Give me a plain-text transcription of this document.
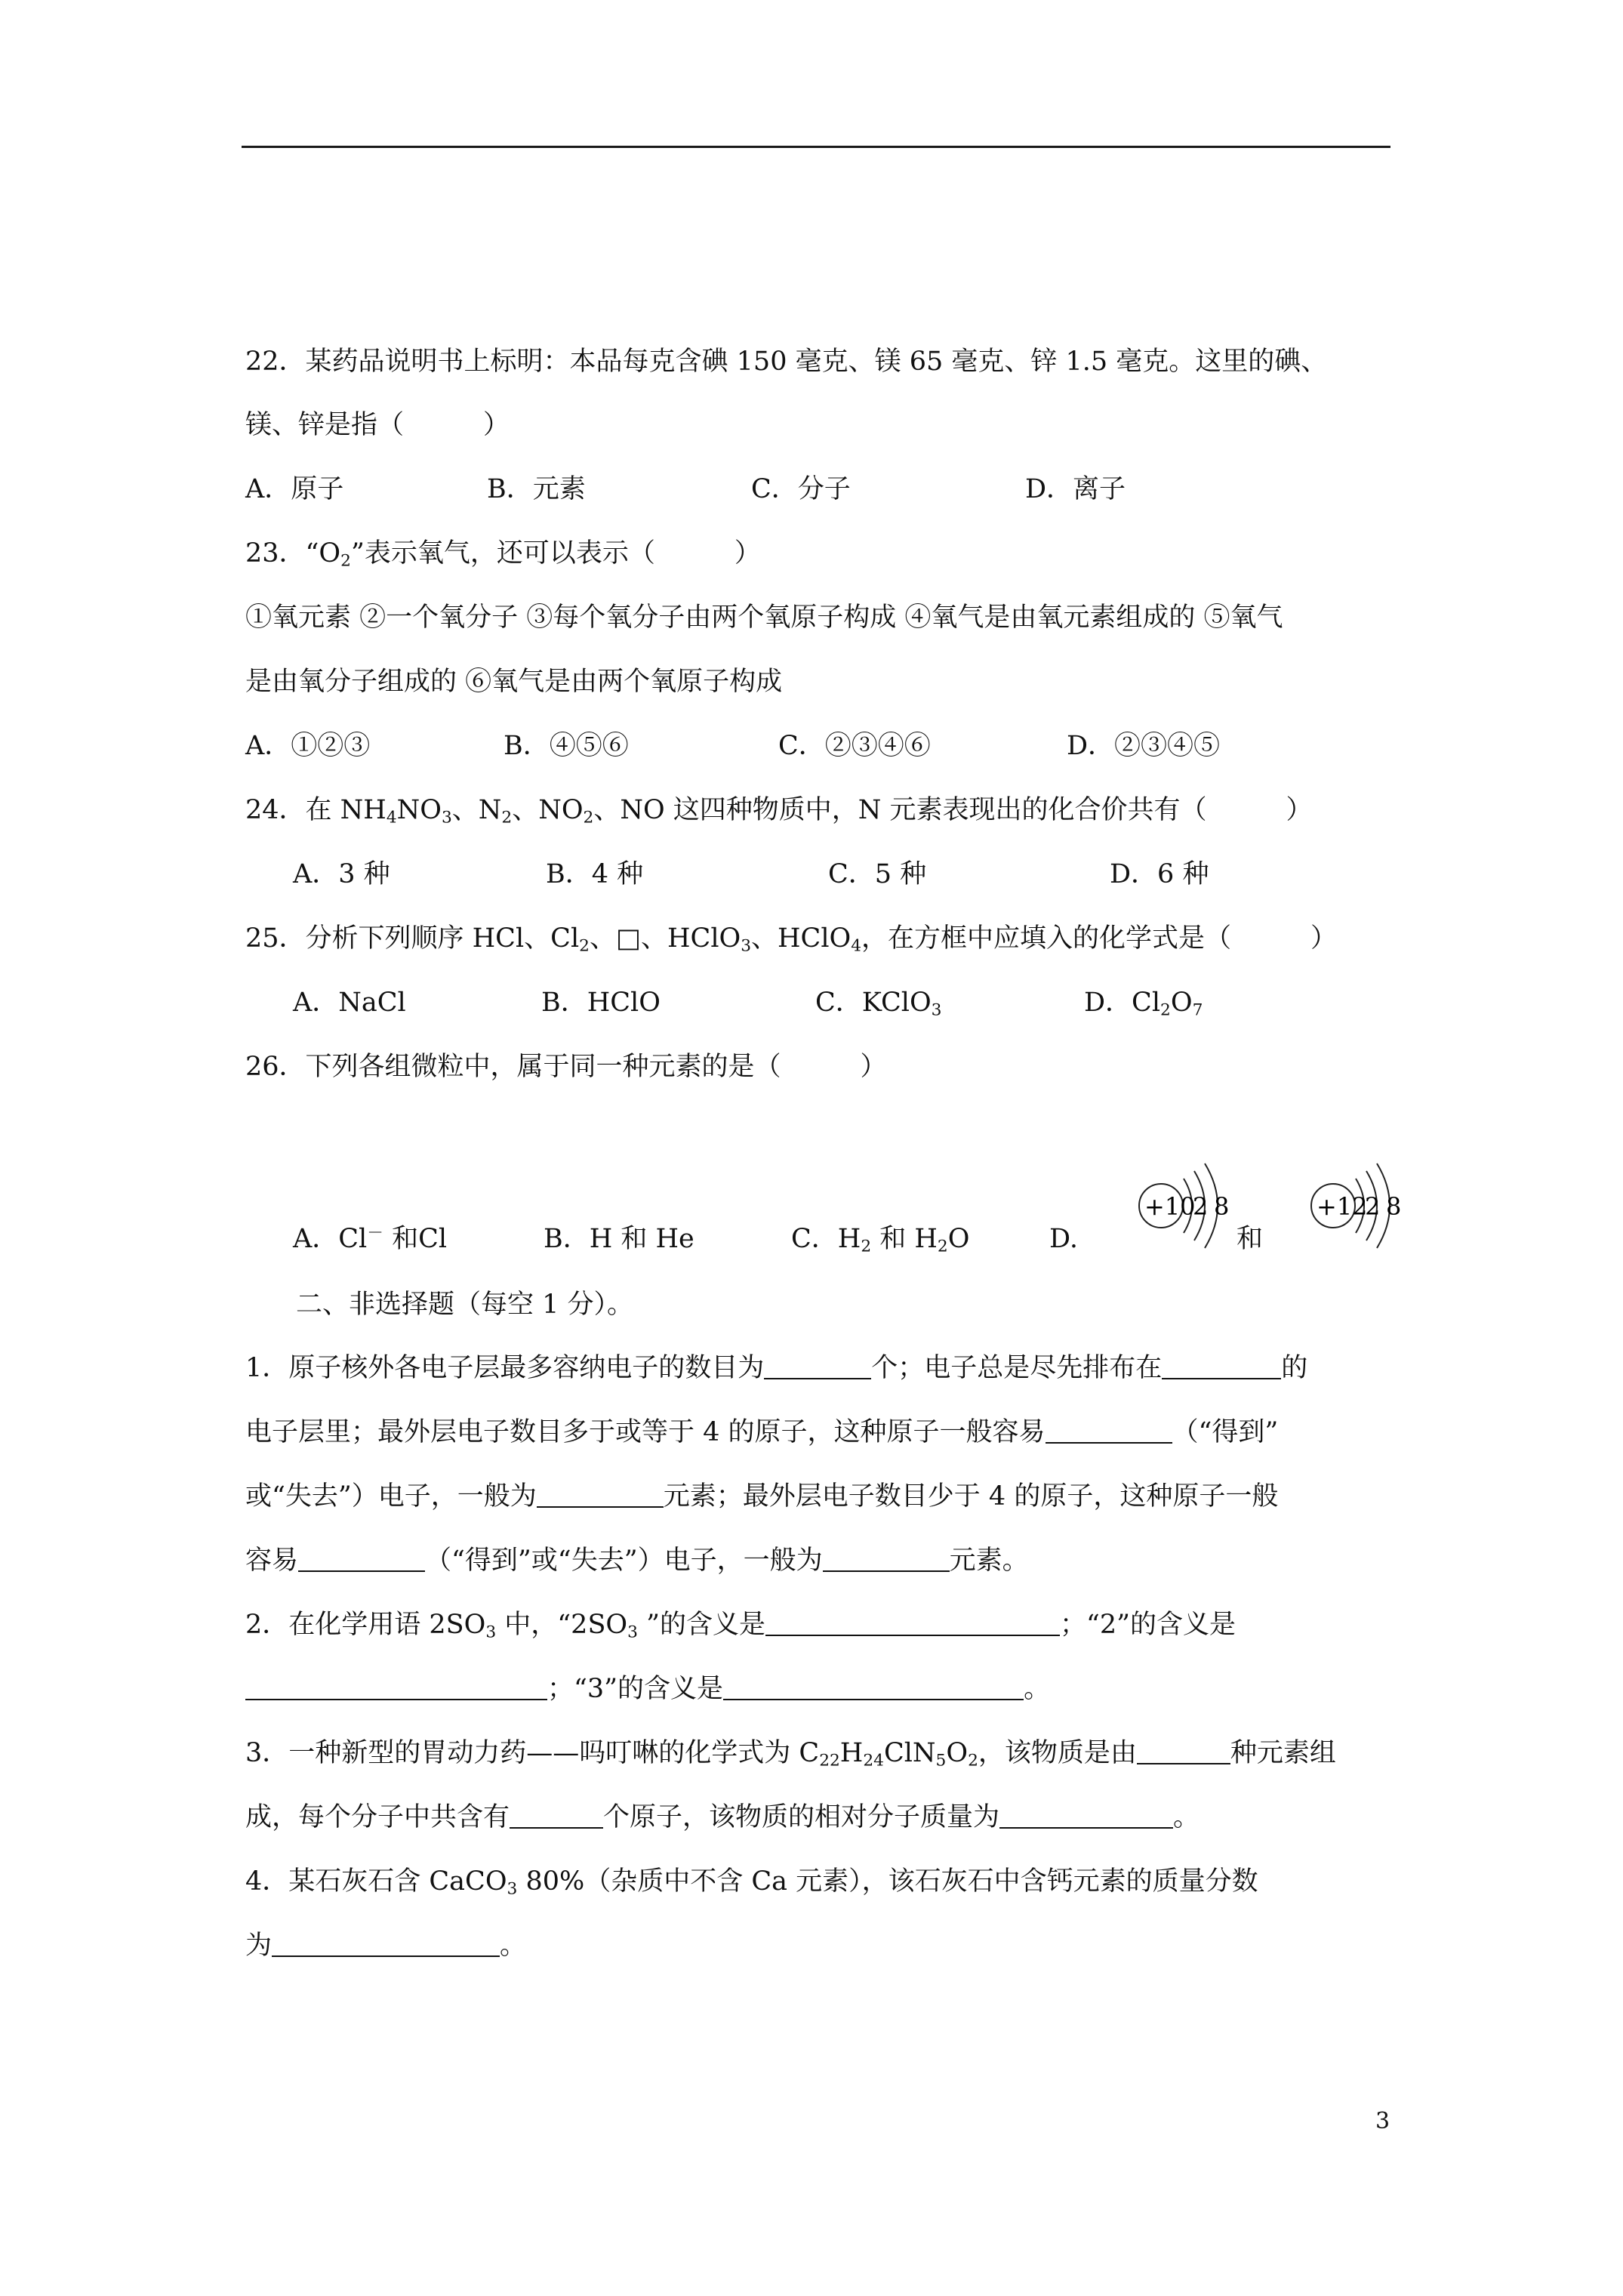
22．某药品说明书上标明：本品每克含碘 150 毫克、镁 65 毫克、锌 1.5 毫克。这里的碘、
镁、锌是指（　　　）
A．原子	B．元素	C．分子	D．离子
23．“$O_2$”表示氧气，还可以表示（　　　）
①氧元素 ②一个氧分子 ③每个氧分子由两个氧原子构成 ④氧气是由氧元素组成的 ⑤氧气
是由氧分子组成的 ⑥氧气是由两个氧原子构成
A．①②③	B．④⑤⑥	C．②③④⑥	D．②③④⑤
24．在 $NH_4NO_3$、$N_2$、$NO_2$、NO 这四种物质中，N 元素表现出的化合价共有（　　　）
A．3 种	B．4 种	C．5 种	D．6 种
25．分析下列顺序 HCl、$Cl_2$、□、HClO$_3$、HClO$_4$，在方框中应填入的化学式是（　　　）
A．NaCl	B．HClO	C．KClO$_3$	D．$Cl_2O_7$
26．下列各组微粒中，属于同一种元素的是（　　　）
A．Cl－ 和Cl	B．H 和 He	C．$H_2$ 和 $H_2O$	D.	和
二、非选择题（每空 1 分）。
1．原子核外各电子层最多容纳电子的数目为	个；电子总是尽先排布在	的
电子层里；最外层电子数目多于或等于 4 的原子，这种原子一般容易	（“得到”
或“失去”）电子，一般为	元素；最外层电子数目少于 4 的原子，这种原子一般
容易	（“得到”或“失去”）电子，一般为	元素。
2．在化学用语 $2SO_3$ 中，“$2SO_3$ ”的含义是	；“2”的含义是
；“3”的含义是	。
3．一种新型的胃动力药——吗叮啉的化学式为 $C_{22}H_{24}ClN_5O_2$，该物质是由	种元素组
成，每个分子中共含有	个原子，该物质的相对分子质量为	。
4．某石灰石含 CaCO$_3$ 80%（杂质中不含 Ca 元素），该石灰石中含钙元素的质量分数
为	。
+10
2 8	+12
2 8
3
